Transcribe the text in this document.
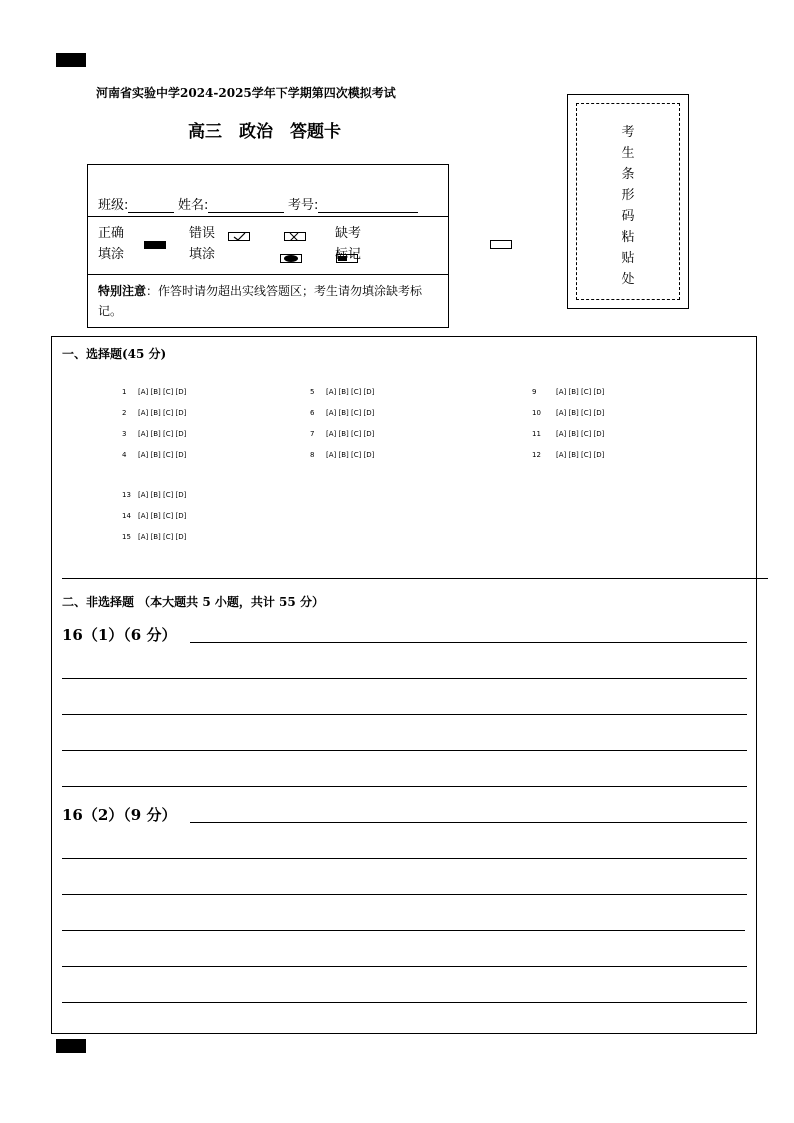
河南省实验中学2024-2025学年下学期第四次模拟考试
高三　政治　答题卡
班级:	姓名:	考号:
正确
填涂
错误
填涂

缺考
标记
特别注意：作答时请勿超出实线答题区；考生请勿填涂缺考标记。
考
生
条
形
码
粘
贴
处
一、选择题(45 分)
1 [A] [B] [C] [D]
2 [A] [B] [C] [D]
3 [A] [B] [C] [D]
4 [A] [B] [C] [D]
5 [A] [B] [C] [D]
6 [A] [B] [C] [D]
7 [A] [B] [C] [D]
8 [A] [B] [C] [D]
9	[A] [B] [C] [D]
10 [A] [B] [C] [D]
11 [A] [B] [C] [D]
12 [A] [B] [C] [D]
13 [A] [B] [C] [D]
14 [A] [B] [C] [D]
15 [A] [B] [C] [D]
二、非选择题 （本大题共 5 小题，共计 55 分）
16（1）（6 分）
16（2）（9 分）
